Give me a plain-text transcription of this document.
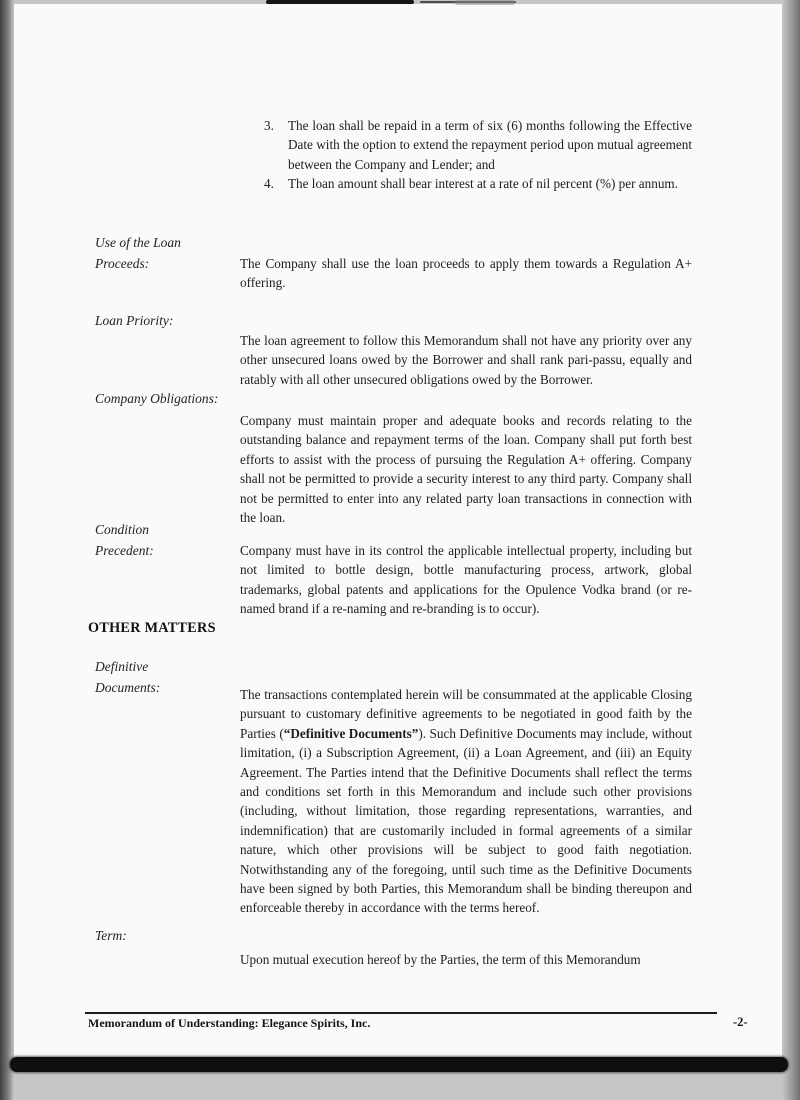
3.	The loan shall be repaid in a term of six (6) months following the Effective Date with the option to extend the repayment period upon mutual agreement between the Company and Lender; and
4.	The loan amount shall bear interest at a rate of nil percent (%) per annum.
Use of the Loan
Proceeds:	The Company shall use the loan proceeds to apply them towards a Regulation A+ offering.
Loan Priority:
The loan agreement to follow this Memorandum shall not have any priority over any other unsecured loans owed by the Borrower and shall rank pari-passu, equally and ratably with all other unsecured obligations owed by the Borrower.
Company Obligations:
Company must maintain proper and adequate books and records relating to the outstanding balance and repayment terms of the loan. Company shall put forth best efforts to assist with the process of pursuing the Regulation A+ offering. Company shall not be permitted to provide a security interest to any third party. Company shall not be permitted to enter into any related party loan transactions in connection with the loan.
Condition
Precedent:	Company must have in its control the applicable intellectual property, including but not limited to bottle design, bottle manufacturing process, artwork, global trademarks, global patents and applications for the Opulence Vodka brand (or re-named brand if a re-naming and re-branding is to occur).
OTHER MATTERS
Definitive
Documents:	The transactions contemplated herein will be consummated at the applicable Closing pursuant to customary definitive agreements to be negotiated in good faith by the Parties (“Definitive Documents”). Such Definitive Documents may include, without limitation, (i) a Subscription Agreement, (ii) a Loan Agreement, and (iii) an Equity Agreement. The Parties intend that the Definitive Documents shall reflect the terms and conditions set forth in this Memorandum and include such other provisions (including, without limitation, those regarding representations, warranties, and indemnification) that are customarily included in formal agreements of a similar nature, which other provisions will be subject to good faith negotiation. Notwithstanding any of the foregoing, until such time as the Definitive Documents have been signed by both Parties, this Memorandum shall be binding thereupon and enforceable thereby in accordance with the terms hereof.
Term:
Upon mutual execution hereof by the Parties, the term of this Memorandum
Memorandum of Understanding: Elegance Spirits, Inc.	-2-
